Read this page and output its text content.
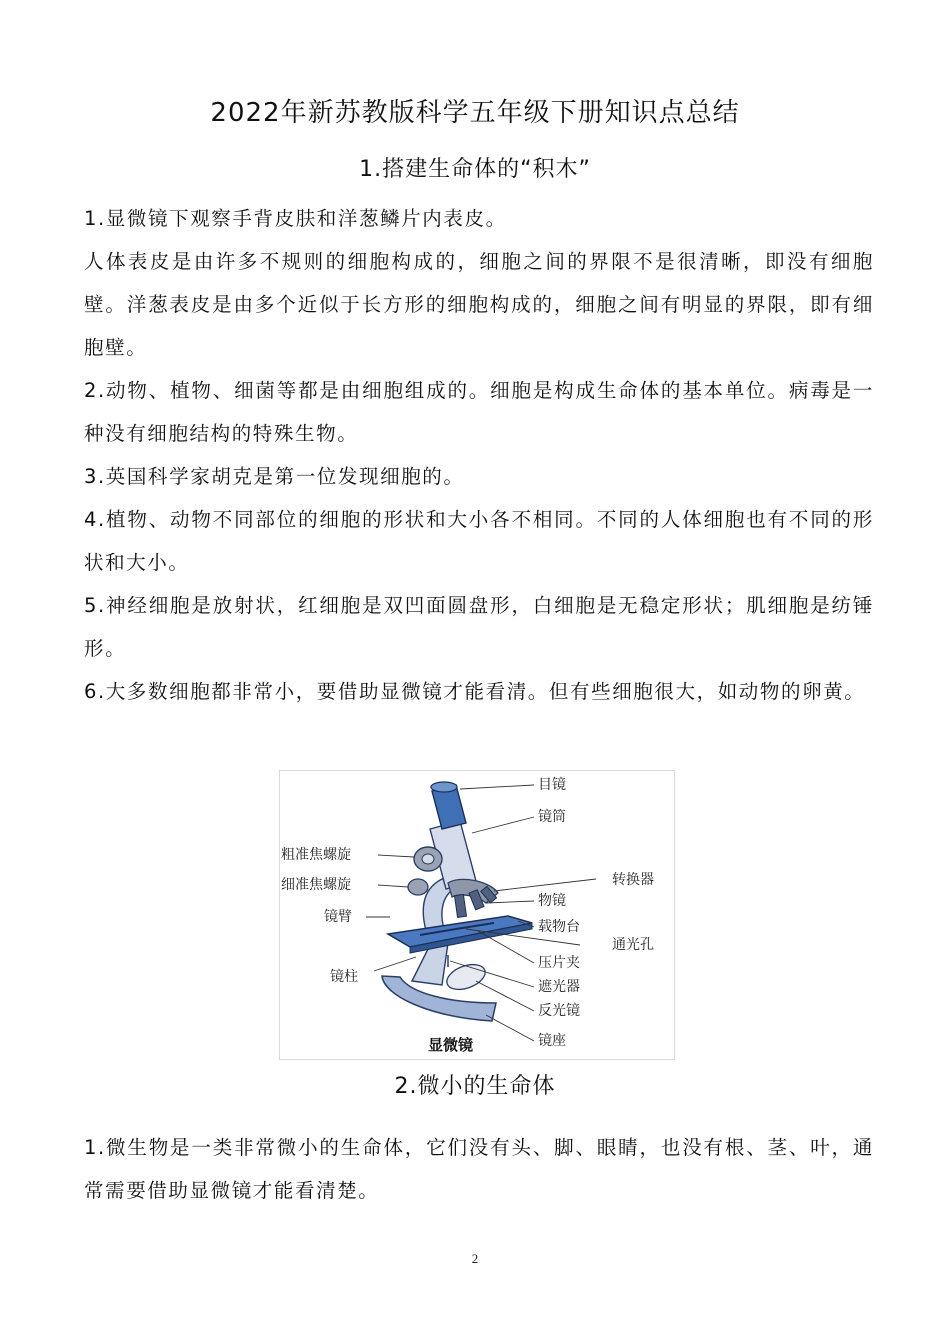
2022年新苏教版科学五年级下册知识点总结
1.搭建生命体的“积木”

1.显微镜下观察手背皮肤和洋葱鳞片内表皮。

人体表皮是由许多不规则的细胞构成的，细胞之间的界限不是很清晰，即没有细胞壁。洋葱表皮是由多个近似于长方形的细胞构成的，细胞之间有明显的界限，即有细胞壁。

2.动物、植物、细菌等都是由细胞组成的。细胞是构成生命体的基本单位。病毒是一种没有细胞结构的特殊生物。

3.英国科学家胡克是第一位发现细胞的。

4.植物、动物不同部位的细胞的形状和大小各不相同。不同的人体细胞也有不同的形状和大小。

5.神经细胞是放射状，红细胞是双凹面圆盘形，白细胞是无稳定形状；肌细胞是纺锤形。

6.大多数细胞都非常小，要借助显微镜才能看清。但有些细胞很大，如动物的卵黄。

目镜
镜筒
粗准焦螺旋
细准焦螺旋
镜臂
转换器
物镜
载物台
通光孔
压片夹
遮光器
反光镜
镜柱
镜座
显微镜
2.微小的生命体

1.微生物是一类非常微小的生命体，它们没有头、脚、眼睛，也没有根、茎、叶，通常需要借助显微镜才能看清楚。

2
